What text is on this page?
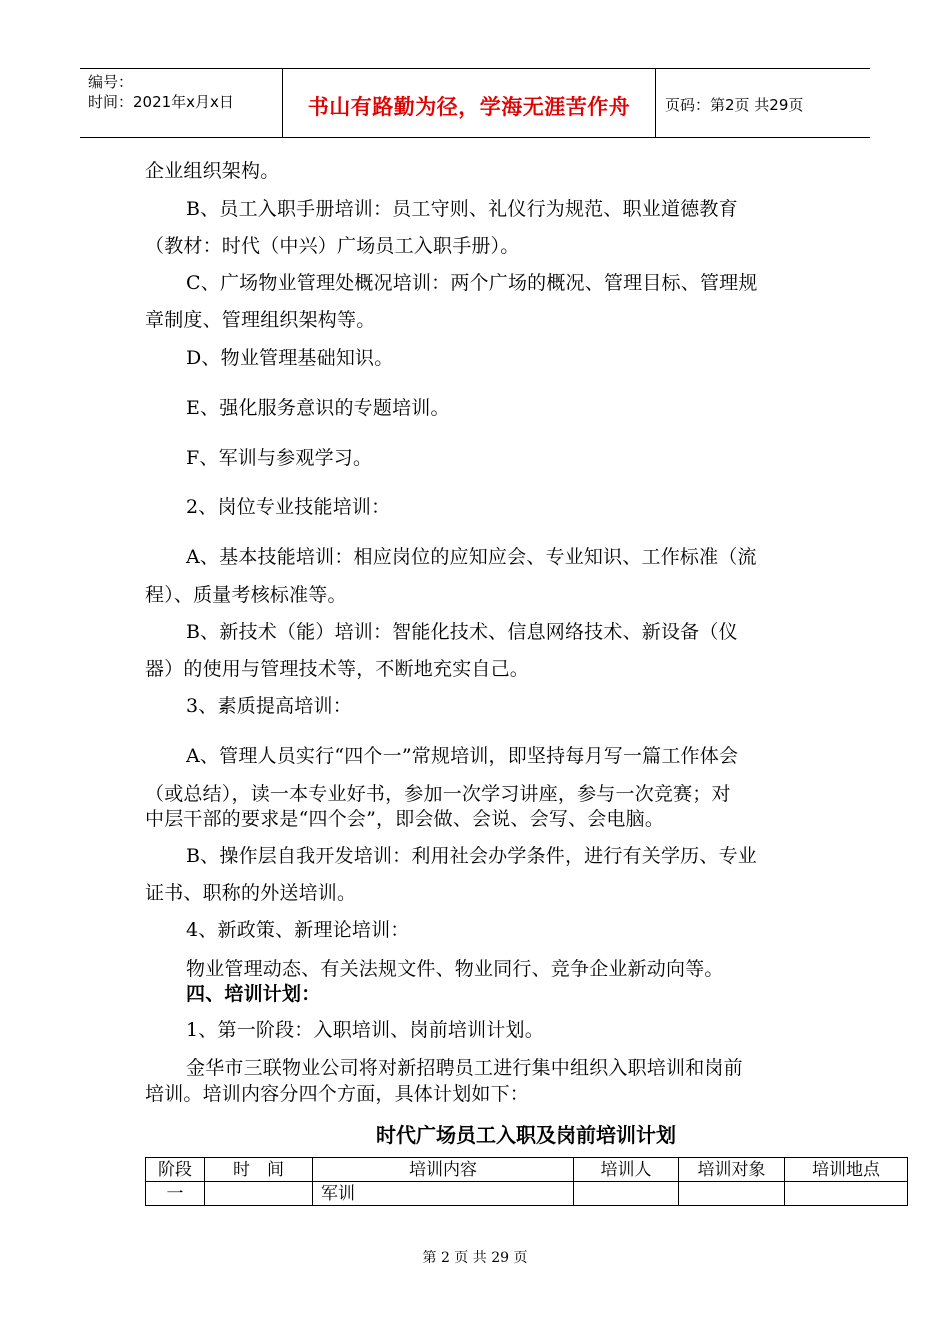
编号：
时间：2021年x月x日	书山有路勤为径，学海无涯苦作舟	页码：第2页 共29页
企业组织架构。
B、员工入职手册培训：员工守则、礼仪行为规范、职业道德教育
（教材：时代（中兴）广场员工入职手册）。
C、广场物业管理处概况培训：两个广场的概况、管理目标、管理规
章制度、管理组织架构等。
D、物业管理基础知识。
E、强化服务意识的专题培训。
F、军训与参观学习。
2、岗位专业技能培训：
A、基本技能培训：相应岗位的应知应会、专业知识、工作标准（流
程）、质量考核标准等。
B、新技术（能）培训：智能化技术、信息网络技术、新设备（仪
器）的使用与管理技术等，不断地充实自己。
3、素质提高培训：
A、管理人员实行“四个一”常规培训，即坚持每月写一篇工作体会
（或总结），读一本专业好书，参加一次学习讲座，参与一次竞赛；对
中层干部的要求是“四个会”，即会做、会说、会写、会电脑。
B、操作层自我开发培训：利用社会办学条件，进行有关学历、专业
证书、职称的外送培训。
4、新政策、新理论培训：
物业管理动态、有关法规文件、物业同行、竞争企业新动向等。
四、培训计划：
1、第一阶段：入职培训、岗前培训计划。
金华市三联物业公司将对新招聘员工进行集中组织入职培训和岗前
培训。培训内容分四个方面，具体计划如下：
时代广场员工入职及岗前培训计划
阶段	时　间	培训内容	培训人	培训对象	培训地点
一		军训			
第 2 页 共 29 页
